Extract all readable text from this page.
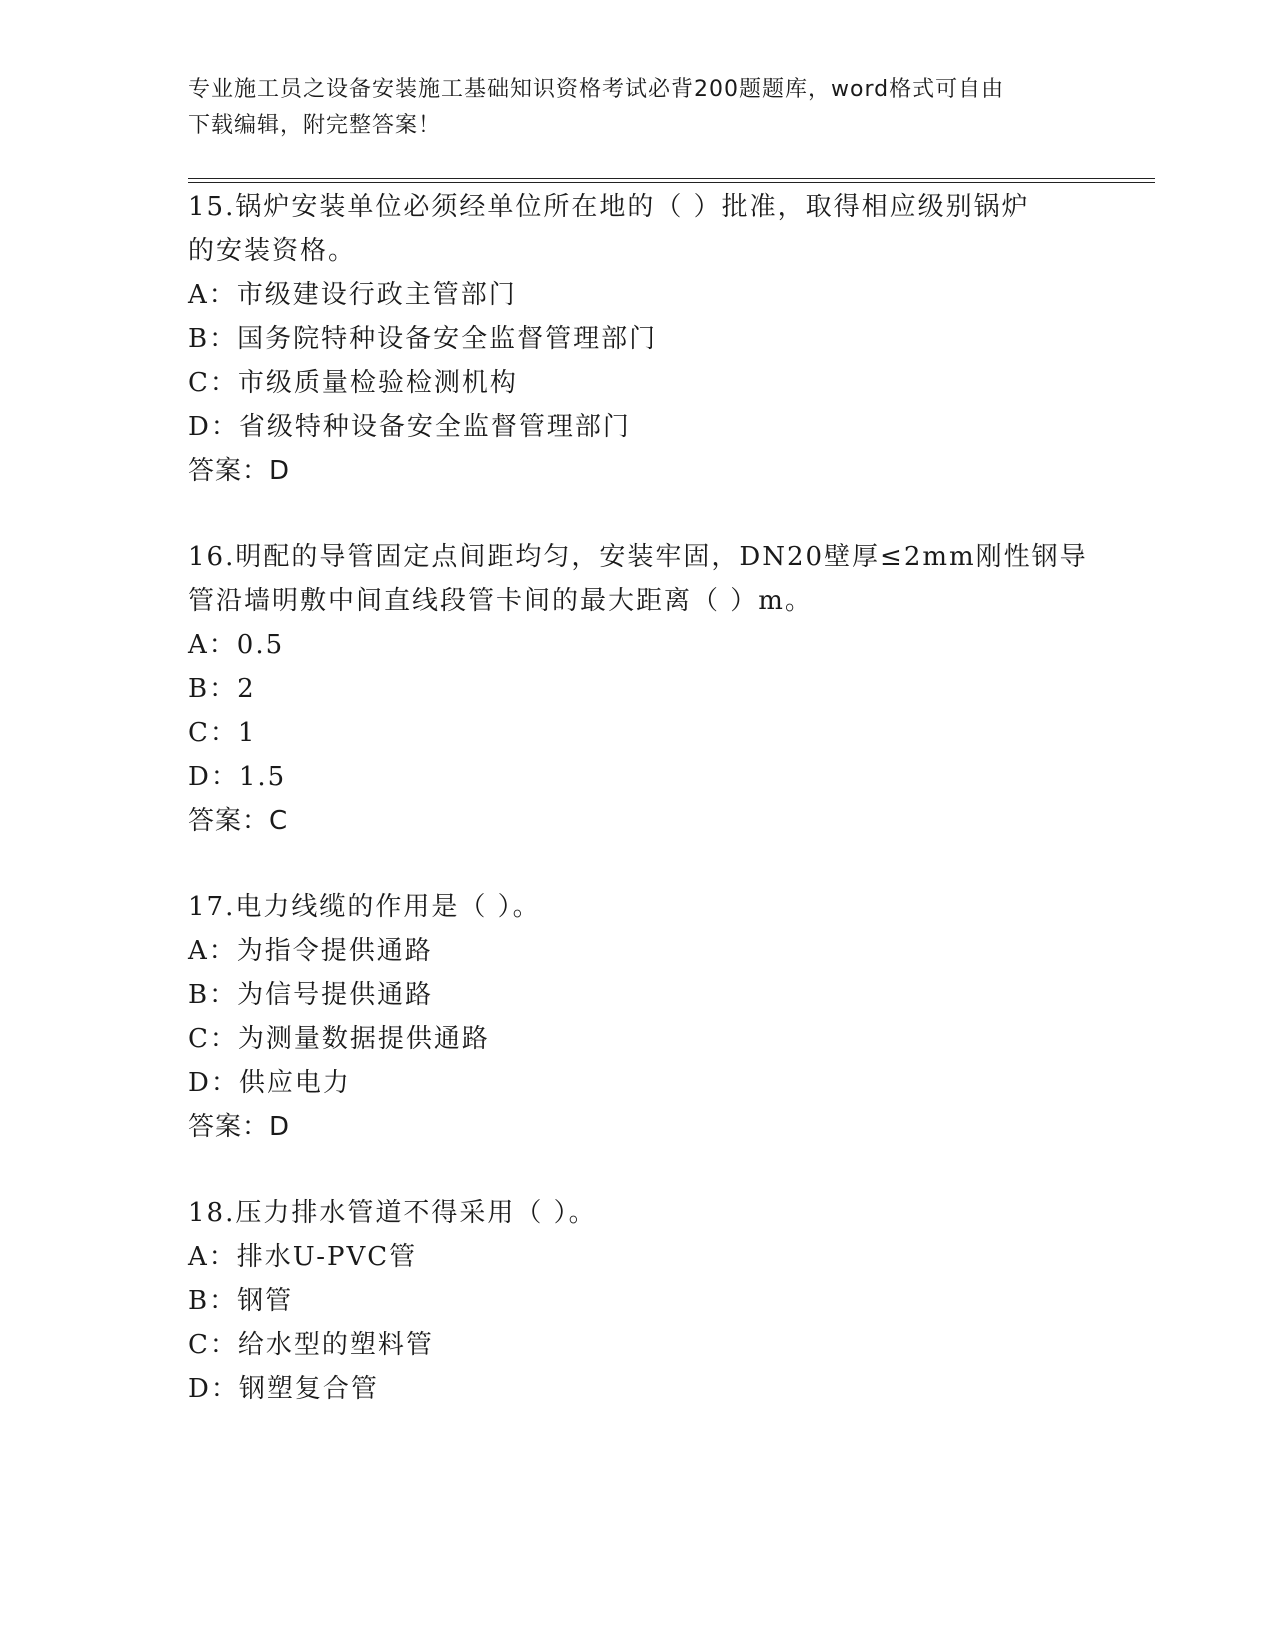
专业施工员之设备安装施工基础知识资格考试必背200题题库，word格式可自由
下载编辑，附完整答案！
15.锅炉安装单位必须经单位所在地的（ ）批准，取得相应级别锅炉
的安装资格。
A：市级建设行政主管部门
B：国务院特种设备安全监督管理部门
C：市级质量检验检测机构
D：省级特种设备安全监督管理部门
答案：D
16.明配的导管固定点间距均匀，安装牢固，DN20壁厚≤2mm刚性钢导
管沿墙明敷中间直线段管卡间的最大距离（ ）m。
A：0.5
B：2
C：1
D：1.5
答案：C
17.电力线缆的作用是（ ）。
A：为指令提供通路
B：为信号提供通路
C：为测量数据提供通路
D：供应电力
答案：D
18.压力排水管道不得采用（ ）。
A：排水U-PVC管
B：钢管
C：给水型的塑料管
D：钢塑复合管
